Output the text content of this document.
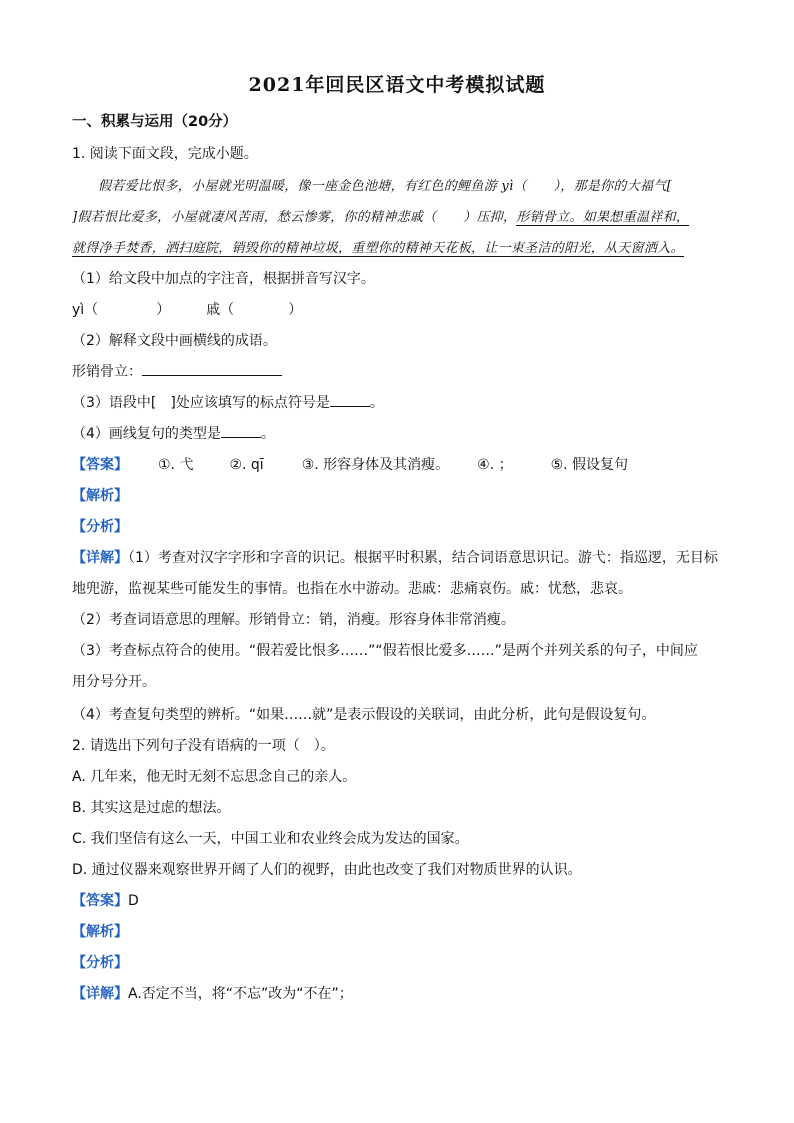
2021年回民区语文中考模拟试题
一、积累与运用（20分）
1. 阅读下面文段，完成小题。
假若爱比恨多，小屋就光明温暖，像一座金色池塘，有红色的鲤鱼游 yì（　　），那是你的大福气[
]假若恨比爱多，小屋就凄风苦雨，愁云惨雾，你的精神悲戚（　　）压抑，形销骨立。如果想重温祥和，
就得净手焚香，洒扫庭院，销毁你的精神垃圾，重塑你的精神天花板，让一束圣洁的阳光，从天窗洒入。
（1）给文段中加点的字注音，根据拼音写汉字。
yì（	）	戚（	）
（2）解释文段中画横线的成语。
形销骨立：
（3）语段中[　]处应该填写的标点符号是	。
（4）画线复句的类型是	。
【答案】 ①. 弋	②. qī	③. 形容身体及其消瘦。 ④. ；	⑤. 假设复句
【解析】
【分析】
【详解】（1）考查对汉字字形和字音的识记。根据平时积累，结合词语意思识记。游弋：指巡逻，无目标
地兜游，监视某些可能发生的事情。也指在水中游动。悲戚：悲痛哀伤。戚：忧愁，悲哀。
（2）考查词语意思的理解。形销骨立：销，消瘦。形容身体非常消瘦。
（3）考查标点符合的使用。“假若爱比恨多……”“假若恨比爱多……”是两个并列关系的句子，中间应
用分号分开。
（4）考查复句类型的辨析。“如果……就”是表示假设的关联词，由此分析，此句是假设复句。
2. 请选出下列句子没有语病的一项（　）。
A. 几年来，他无时无刻不忘思念自己的亲人。
B. 其实这是过虑的想法。
C. 我们坚信有这么一天，中国工业和农业终会成为发达的国家。
D. 通过仪器来观察世界开阔了人们的视野，由此也改变了我们对物质世界的认识。
【答案】D
【解析】
【分析】
【详解】A.否定不当，将“不忘”改为“不在”；
